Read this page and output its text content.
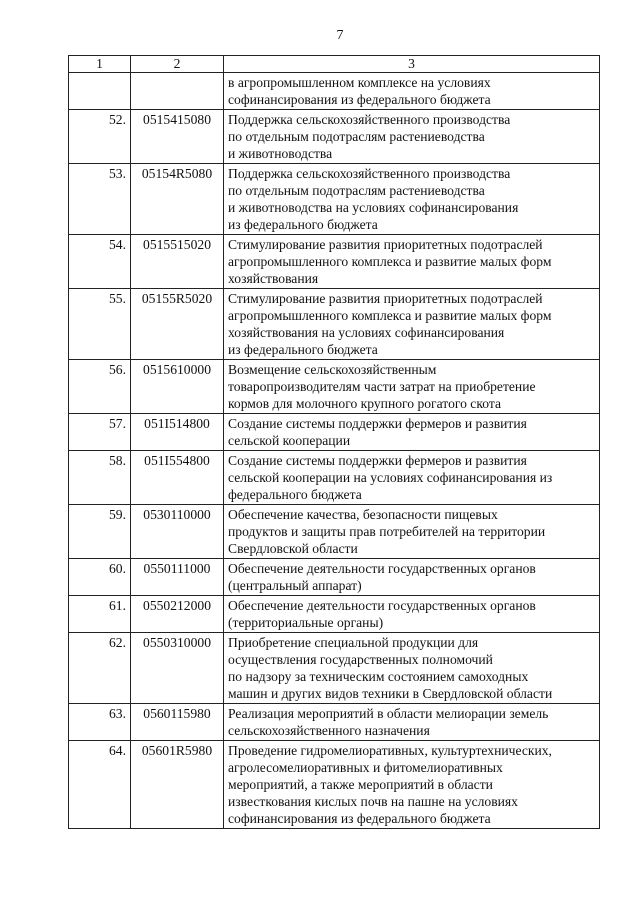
7
1	2	3

		в агропромышленном комплексе на условиях
софинансирования из федерального бюджета

52.	0515415080	Поддержка сельскохозяйственного производства
по отдельным подотраслям растениеводства
и животноводства

53.	05154R5080	Поддержка сельскохозяйственного производства
по отдельным подотраслям растениеводства
и животноводства на условиях софинансирования
из федерального бюджета

54.	0515515020	Стимулирование развития приоритетных подотраслей
агропромышленного комплекса и развитие малых форм
хозяйствования

55.	05155R5020	Стимулирование развития приоритетных подотраслей
агропромышленного комплекса и развитие малых форм
хозяйствования на условиях софинансирования
из федерального бюджета

56.	0515610000	Возмещение сельскохозяйственным
товаропроизводителям части затрат на приобретение
кормов для молочного крупного рогатого скота

57.	051I514800	Создание системы поддержки фермеров и развития
сельской кооперации

58.	051I554800	Создание системы поддержки фермеров и развития
сельской кооперации на условиях софинансирования из
федерального бюджета

59.	0530110000	Обеспечение качества, безопасности пищевых
продуктов и защиты прав потребителей на территории
Свердловской области

60.	0550111000	Обеспечение деятельности государственных органов
(центральный аппарат)

61.	0550212000	Обеспечение деятельности государственных органов
(территориальные органы)

62.	0550310000	Приобретение специальной продукции для
осуществления государственных полномочий
по надзору за техническим состоянием самоходных
машин и других видов техники в Свердловской области

63.	0560115980	Реализация мероприятий в области мелиорации земель
сельскохозяйственного назначения

64.	05601R5980	Проведение гидромелиоративных, культуртехнических,
агролесомелиоративных и фитомелиоративных
мероприятий, а также мероприятий в области
известкования кислых почв на пашне на условиях
софинансирования из федерального бюджета
